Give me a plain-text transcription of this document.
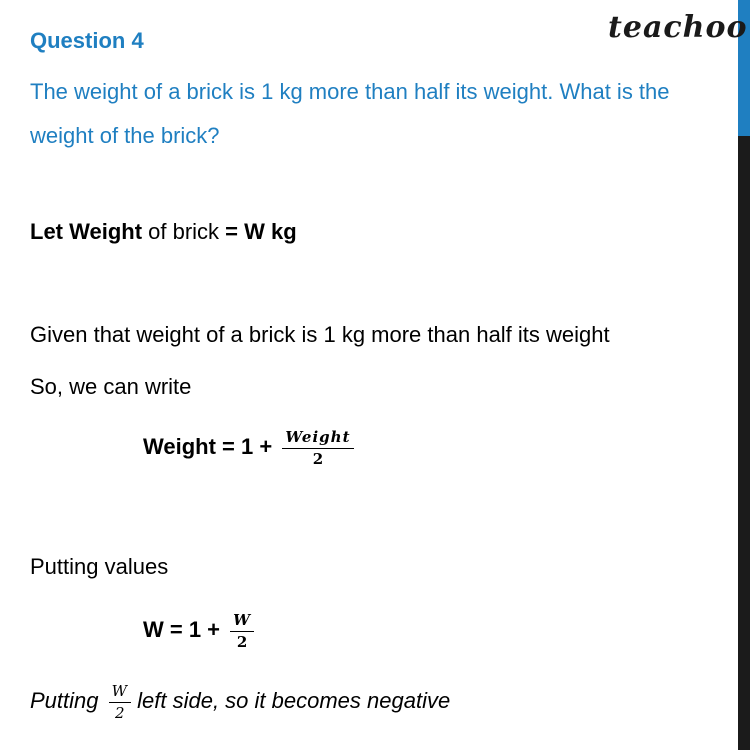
teachoo
Question 4
The weight of a brick is 1 kg more than half its weight. What is the weight of the brick?
Let Weight of brick = W kg
Given that weight of a brick is 1 kg more than half its weight
So, we can write
Weight = $1 + \frac{\text{Weight}}{2}$
Putting values
$W = 1 + \frac{W}{2}$
Putting $\frac{W}{2}$ left side, so it becomes negative
